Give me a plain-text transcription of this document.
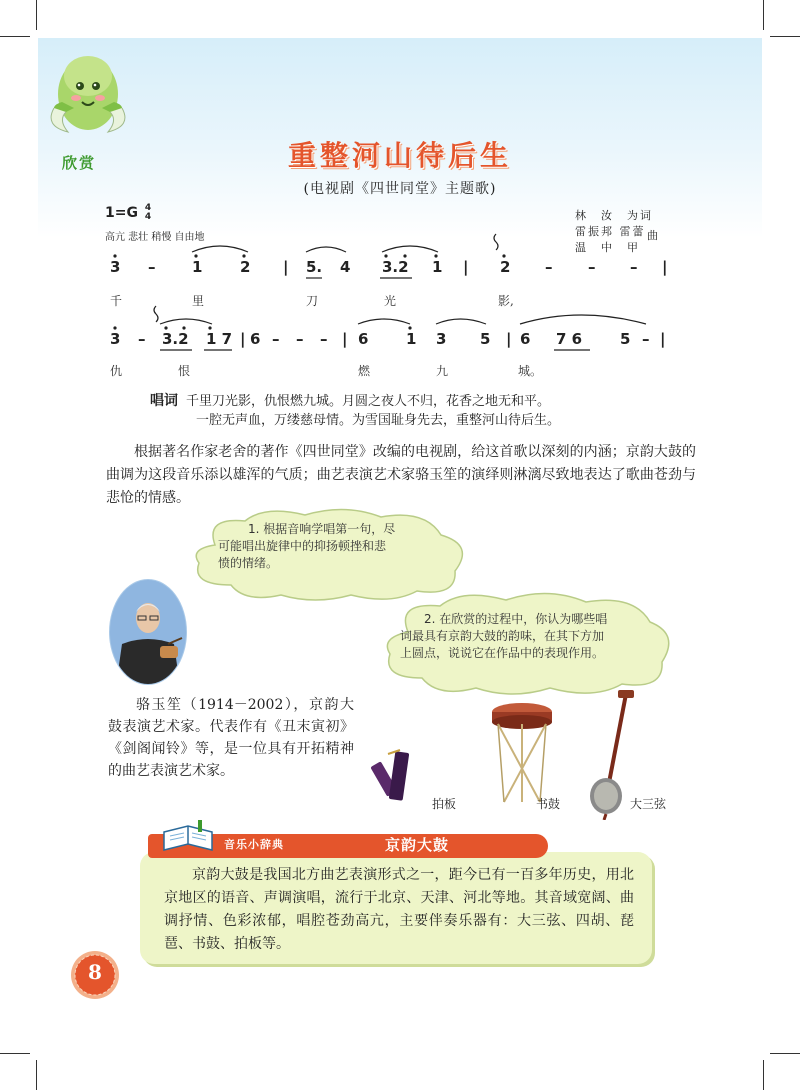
欣赏	重整河山待后生
(电视剧《四世同堂》主题歌)
1=G 4
4
高亢 悲壮 稍慢 自由地
林　汝　为词
雷振邦 雷蕾
温　中　甲
曲
3 – 1	2 | 5. 4 3.2 1 | 2 – – – |
千	里	刀	光	影,
3 – 3.2 1 7 | 6 – – – | 6	1 3 5 | 6 7 6	5 – |
仇	恨	燃	九	城。
唱词 千里刀光影，仇恨燃九城。月圆之夜人不归，花香之地无和平。
一腔无声血，万缕慈母情。为雪国耻身先去，重整河山待后生。
根据著名作家老舍的著作《四世同堂》改编的电视剧，给这首歌以深刻的内涵；京韵大鼓的曲调为这段音乐添以雄浑的气质；曲艺表演艺术家骆玉笙的演绎则淋漓尽致地表达了歌曲苍劲与悲怆的情感。
1. 根据音响学唱第一句，尽
可能唱出旋律中的抑扬顿挫和悲
愤的情绪。
2. 在欣赏的过程中，你认为哪些唱
词最具有京韵大鼓的韵味，在其下方加
上圆点，说说它在作品中的表现作用。
骆玉笙（1914－2002），京韵大鼓表演艺术家。代表作有《丑末寅初》《剑阁闻铃》等，是一位具有开拓精神的曲艺表演艺术家。
拍板	书鼓	大三弦
音乐小辞典	京韵大鼓
京韵大鼓是我国北方曲艺表演形式之一，距今已有一百多年历史，用北京地区的语音、声调演唱，流行于北京、天津、河北等地。其音域宽阔、曲调抒情、色彩浓郁，唱腔苍劲高亢，主要伴奏乐器有：大三弦、四胡、琵琶、书鼓、拍板等。
8
